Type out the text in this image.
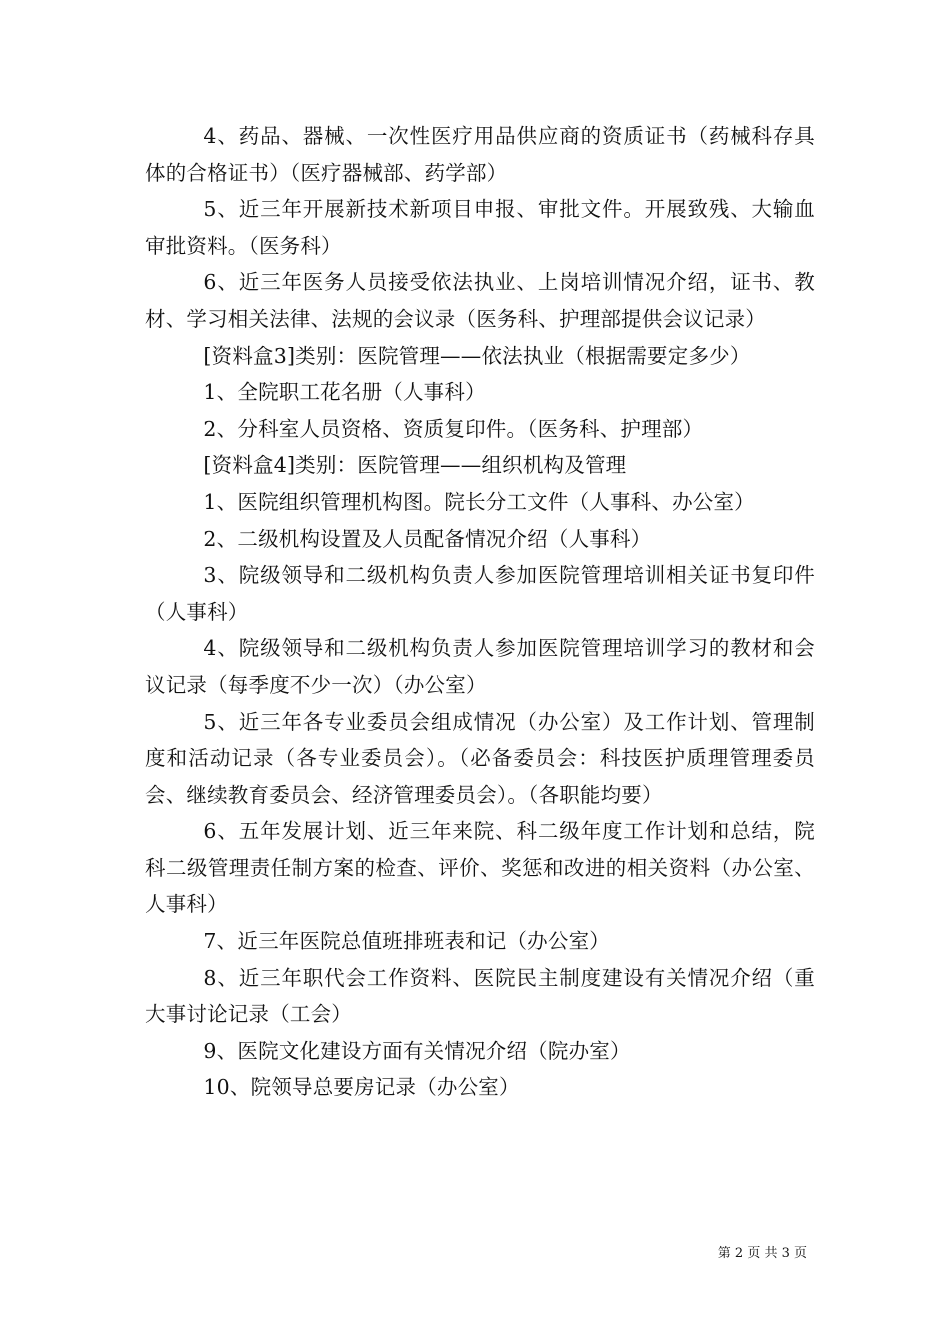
4、药品、器械、一次性医疗用品供应商的资质证书（药械科存具体的合格证书）（医疗器械部、药学部）

5、近三年开展新技术新项目申报、审批文件。开展致残、大输血审批资料。（医务科）

6、近三年医务人员接受依法执业、上岗培训情况介绍，证书、教材、学习相关法律、法规的会议录（医务科、护理部提供会议记录）

[资料盒3]类别：医院管理——依法执业（根据需要定多少）

1、全院职工花名册（人事科）

2、分科室人员资格、资质复印件。（医务科、护理部）

[资料盒4]类别：医院管理——组织机构及管理

1、医院组织管理机构图。院长分工文件（人事科、办公室）

2、二级机构设置及人员配备情况介绍（人事科）

3、院级领导和二级机构负责人参加医院管理培训相关证书复印件（人事科）

4、院级领导和二级机构负责人参加医院管理培训学习的教材和会议记录（每季度不少一次）（办公室）

5、近三年各专业委员会组成情况（办公室）及工作计划、管理制度和活动记录（各专业委员会）。（必备委员会：科技医护质理管理委员会、继续教育委员会、经济管理委员会）。（各职能均要）

6、五年发展计划、近三年来院、科二级年度工作计划和总结，院科二级管理责任制方案的检查、评价、奖惩和改进的相关资料（办公室、人事科）

7、近三年医院总值班排班表和记（办公室）

8、近三年职代会工作资料、医院民主制度建设有关情况介绍（重大事讨论记录（工会）

9、医院文化建设方面有关情况介绍（院办室）

10、院领导总要房记录（办公室）

第 2 页 共 3 页
